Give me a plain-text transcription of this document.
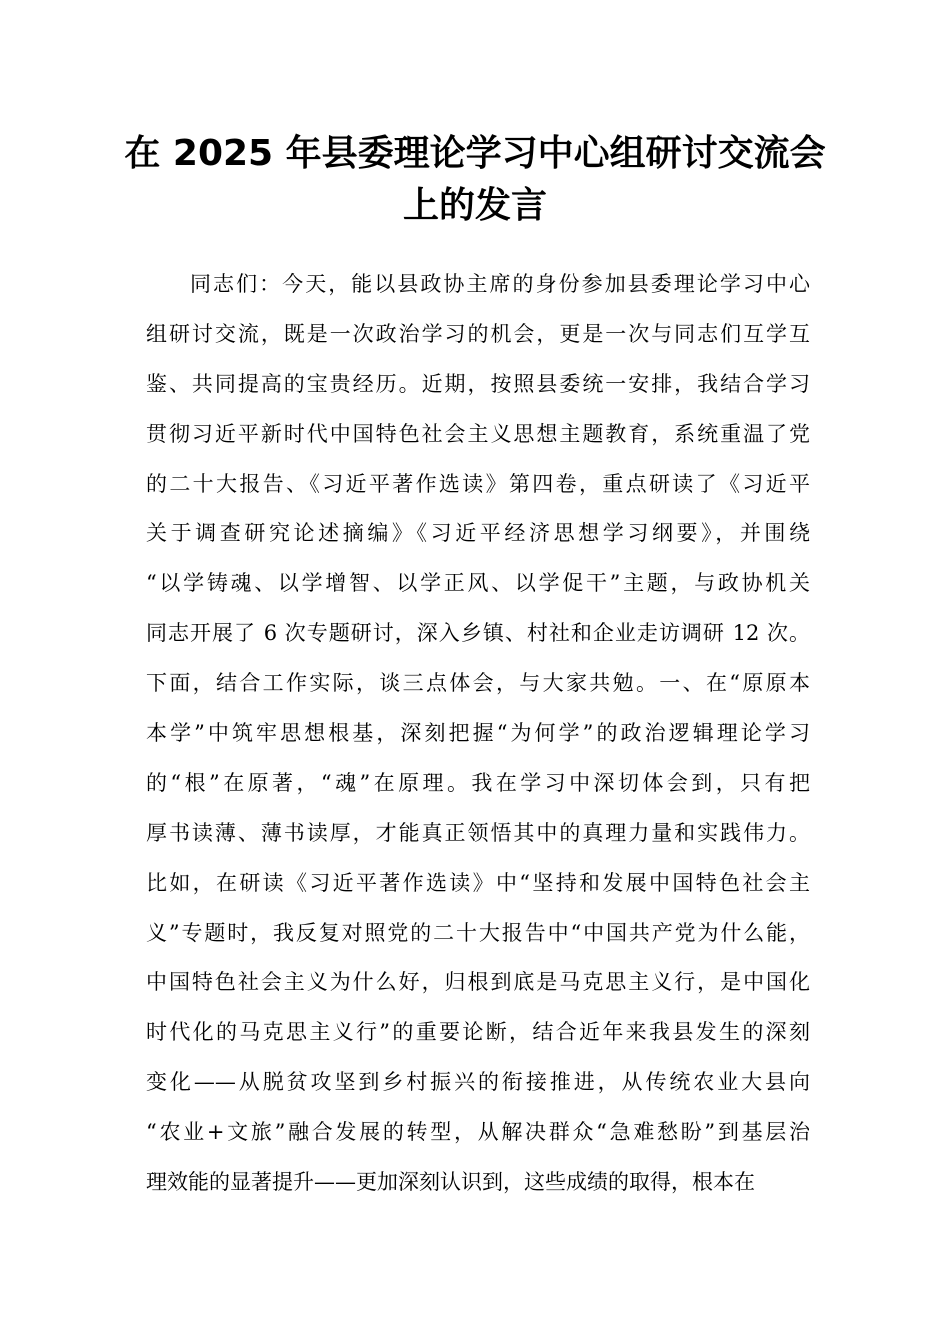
在 2025 年县委理论学习中心组研讨交流会
上的发言
同志们：今天，能以县政协主席的身份参加县委理论学习中心
组研讨交流，既是一次政治学习的机会，更是一次与同志们互学互
鉴、共同提高的宝贵经历。近期，按照县委统一安排，我结合学习
贯彻习近平新时代中国特色社会主义思想主题教育，系统重温了党
的二十大报告、《习近平著作选读》第四卷，重点研读了《习近平
关于调查研究论述摘编》《习近平经济思想学习纲要》，并围绕
“以学铸魂、以学增智、以学正风、以学促干”主题，与政协机关
同志开展了 6 次专题研讨，深入乡镇、村社和企业走访调研 12 次。
下面，结合工作实际，谈三点体会，与大家共勉。一、在“原原本
本学”中筑牢思想根基，深刻把握“为何学”的政治逻辑理论学习
的“根”在原著，“魂”在原理。我在学习中深切体会到，只有把
厚书读薄、薄书读厚，才能真正领悟其中的真理力量和实践伟力。
比如，在研读《习近平著作选读》中“坚持和发展中国特色社会主
义”专题时，我反复对照党的二十大报告中“中国共产党为什么能，
中国特色社会主义为什么好，归根到底是马克思主义行，是中国化
时代化的马克思主义行”的重要论断，结合近年来我县发生的深刻
变化——从脱贫攻坚到乡村振兴的衔接推进，从传统农业大县向
“农业+文旅”融合发展的转型，从解决群众“急难愁盼”到基层治
理效能的显著提升——更加深刻认识到，这些成绩的取得，根本在
